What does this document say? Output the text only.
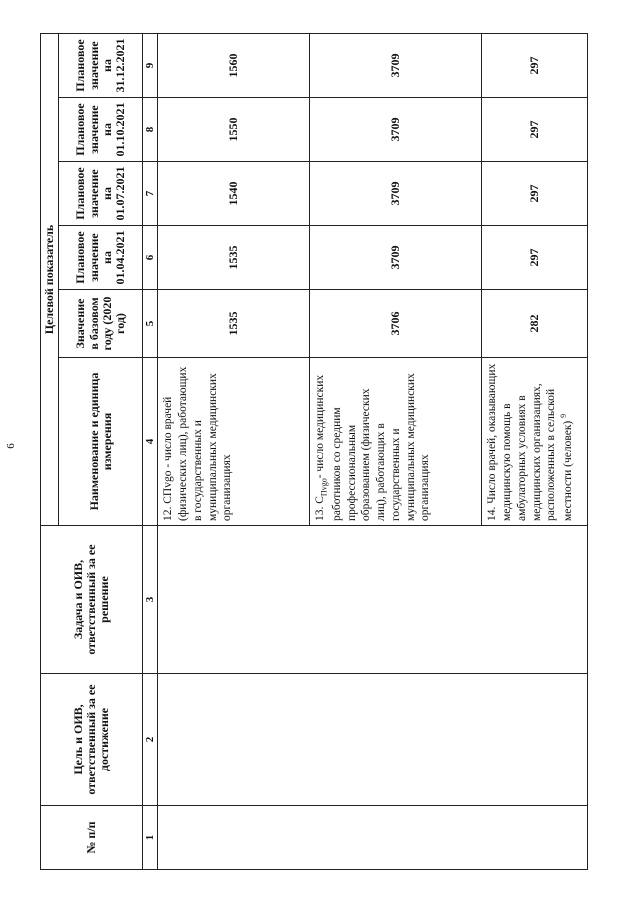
6
№ п/п	Цель и ОИВ, ответственный за ее достижение	Задача и ОИВ, ответственный за ее решение	Целевой показатель					
			Наименование и единица измерения	Значение в базовом году (2020 год)	Плановое значение на 01.04.2021	Плановое значение на 01.07.2021	Плановое значение на 01.10.2021	Плановое значение на 31.12.2021
1	2	3	4	5	6	7	8	9
			12. CПvgo - число врачей (физических лиц), работающих в государственных и муниципальных медицинских организациях	1535	1535	1540	1550	1560
			13. $С_{Пvgo}-$ число медицинских работников со средним профессиональным образованием (физических лиц), работающих в государственных и муниципальных медицинских организациях	3706	3709	3709	3709	3709
			14. Число врачей, оказывающих медицинскую помощь в амбулаторных условиях в медицинских организациях, расположенных в сельской местности (человек) $^9$	282	297	297	297	297
